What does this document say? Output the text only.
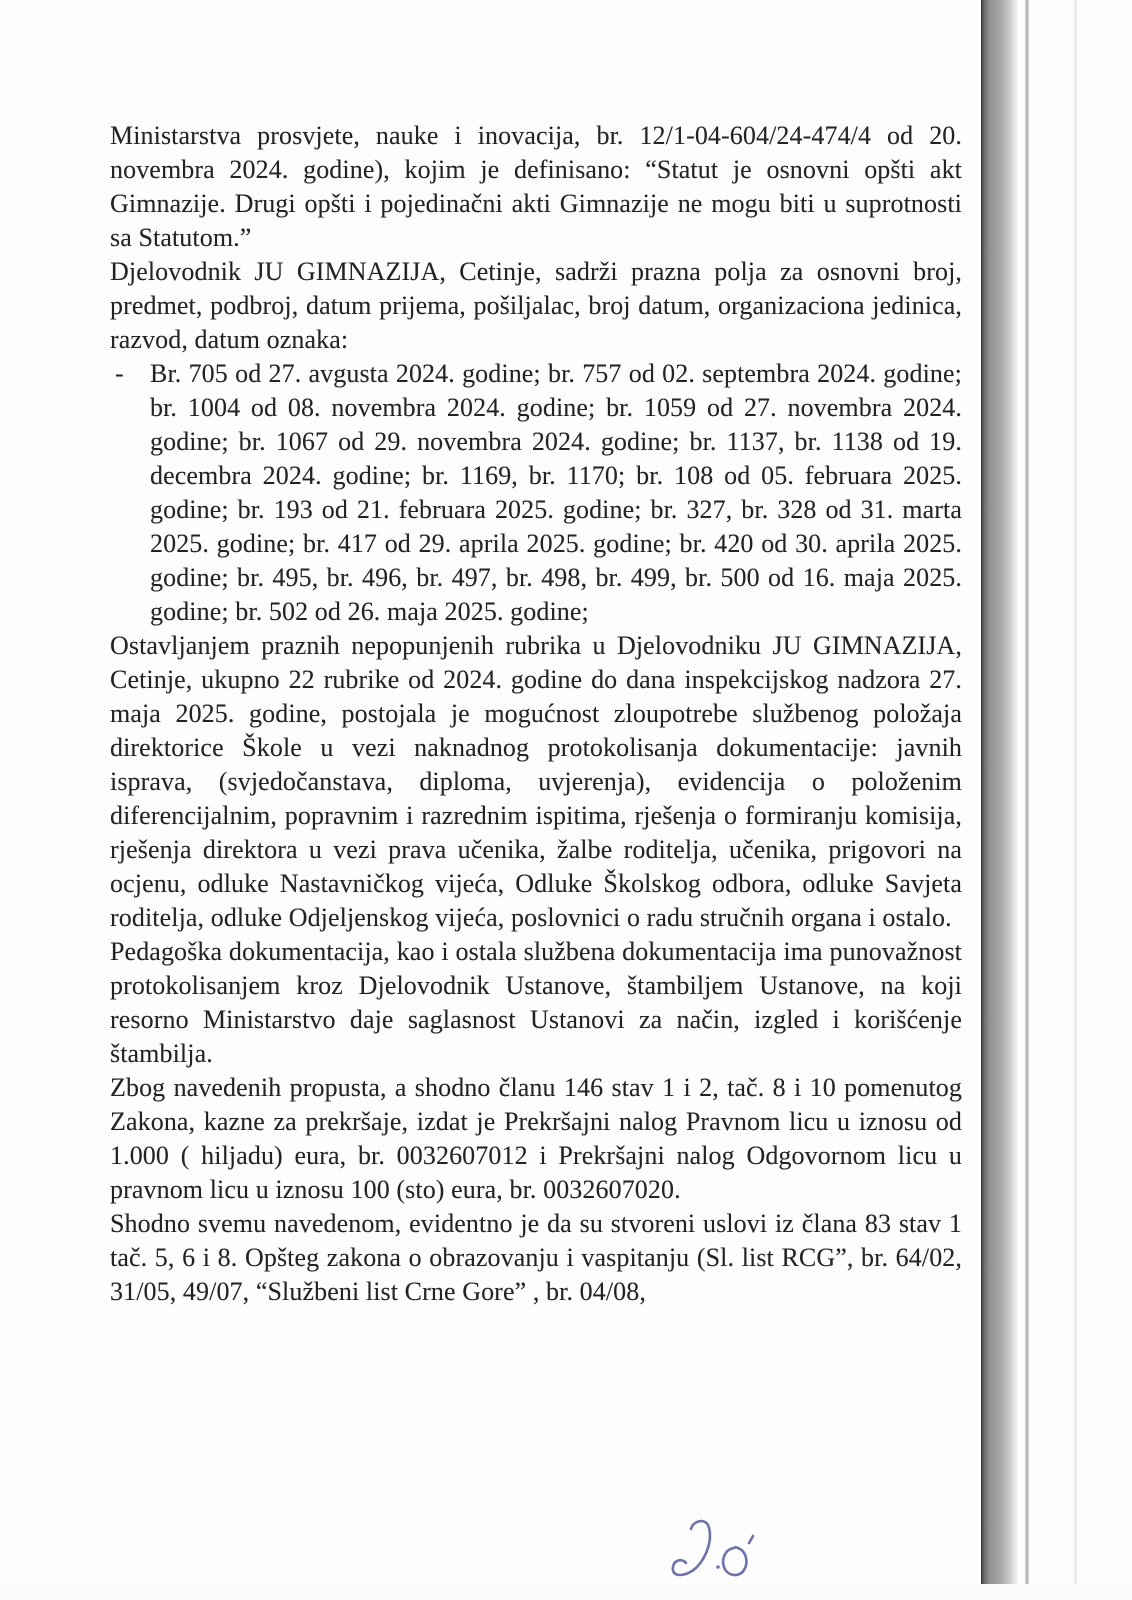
Ministarstva prosvjete, nauke i inovacija, br. 12/1-04-604/24-474/4 od 20. novembra 2024. godine), kojim je definisano: “Statut je osnovni opšti akt Gimnazije. Drugi opšti i pojedinačni akti Gimnazije ne mogu biti u suprotnosti sa Statutom.”

Djelovodnik JU GIMNAZIJA, Cetinje, sadrži prazna polja za osnovni broj, predmet, podbroj, datum prijema, pošiljalac, broj datum, organizaciona jedinica, razvod, datum oznaka:

- Br. 705 od 27. avgusta 2024. godine; br. 757 od 02. septembra 2024. godine; br. 1004 od 08. novembra 2024. godine; br. 1059 od 27. novembra 2024. godine; br. 1067 od 29. novembra 2024. godine; br. 1137, br. 1138 od 19. decembra 2024. godine; br. 1169, br. 1170; br. 108 od 05. februara 2025. godine; br. 193 od 21. februara 2025. godine; br. 327, br. 328 od 31. marta 2025. godine; br. 417 od 29. aprila 2025. godine; br. 420 od 30. aprila 2025. godine; br. 495, br. 496, br. 497, br. 498, br. 499, br. 500 od 16. maja 2025. godine; br. 502 od 26. maja 2025. godine;

Ostavljanjem praznih nepopunjenih rubrika u Djelovodniku JU GIMNAZIJA, Cetinje, ukupno 22 rubrike od 2024. godine do dana inspekcijskog nadzora 27. maja 2025. godine, postojala je mogućnost zloupotrebe službenog položaja direktorice Škole u vezi naknadnog protokolisanja dokumentacije: javnih isprava, (svjedočanstava, diploma, uvjerenja), evidencija o položenim diferencijalnim, popravnim i razrednim ispitima, rješenja o formiranju komisija, rješenja direktora u vezi prava učenika, žalbe roditelja, učenika, prigovori na ocjenu, odluke Nastavničkog vijeća, Odluke Školskog odbora, odluke Savjeta roditelja, odluke Odjeljenskog vijeća, poslovnici o radu stručnih organa i ostalo.

Pedagoška dokumentacija, kao i ostala službena dokumentacija ima punovažnost protokolisanjem kroz Djelovodnik Ustanove, štambiljem Ustanove, na koji resorno Ministarstvo daje saglasnost Ustanovi za način, izgled i korišćenje štambilja.

Zbog navedenih propusta, a shodno članu 146 stav 1 i 2, tač. 8 i 10 pomenutog Zakona, kazne za prekršaje, izdat je Prekršajni nalog Pravnom licu u iznosu od 1.000 ( hiljadu) eura, br. 0032607012 i Prekršajni nalog Odgovornom licu u pravnom licu u iznosu 100 (sto) eura, br. 0032607020.

Shodno svemu navedenom, evidentno je da su stvoreni uslovi iz člana 83 stav 1 tač. 5, 6 i 8. Opšteg zakona o obrazovanju i vaspitanju (Sl. list RCG”, br. 64/02, 31/05, 49/07, “Službeni list Crne Gore” , br. 04/08,
